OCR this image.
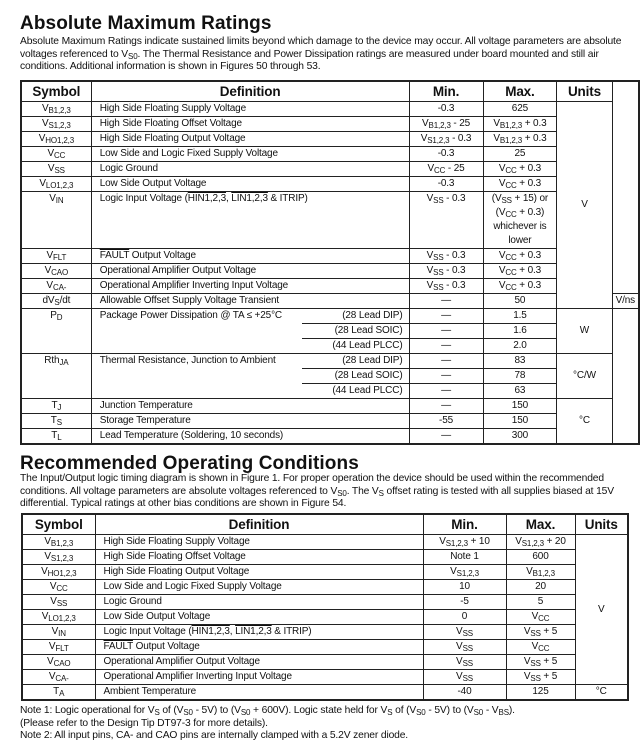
Absolute Maximum Ratings
Absolute Maximum Ratings indicate sustained limits beyond which damage to the device may occur. All voltage parameters are absolute voltages referenced to $V_{S0}$. The Thermal Resistance and Power Dissipation ratings are measured under board mounted and still air conditions. Additional information is shown in Figures 50 through 53.
Symbol	Definition		Min.	Max.	Units	
$V_{B1,2,3}$	High Side Floating Supply Voltage		-0.3	625	V	
$V_{S1,2,3}$	High Side Floating Offset Voltage		$V_{B1,2,3} - 25$	$V_{B1,2,3} + 0.3$		
$V_{HO1,2,3}$	High Side Floating Output Voltage		$V_{S1,2,3} - 0.3$	$V_{B1,2,3} + 0.3$		
$V_{CC}$	Low Side and Logic Fixed Supply Voltage		-0.3	25		
$V_{SS}$	Logic Ground		$V_{CC} - 25$	$V_{CC} + 0.3$		
$V_{LO1,2,3}$	Low Side Output Voltage		-0.3	$V_{CC} + 0.3$		
$V_{IN}$	Logic Input Voltage (HIN1,2,3, LIN1,2,3 & ITRIP)		$V_{SS} - 0.3$	$(V_{SS} + 15)$ or
$(V_{CC} + 0.3)$
whichever is
lower		
$V_{FLT}$	FAULT Output Voltage		$V_{SS} - 0.3$	$V_{CC} + 0.3$		
$V_{CAO}$	Operational Amplifier Output Voltage		$V_{SS} - 0.3$	$V_{CC} + 0.3$		
$V_{CA-}$	Operational Amplifier Inverting Input Voltage		$V_{SS} - 0.3$	$V_{CC} + 0.3$		
$dV_S/dt$	Allowable Offset Supply Voltage Transient		—	50		V/ns
$P_D$	Package Power Dissipation @ TA ≤ +25°C	(28 Lead DIP)	—	1.5	W	
		(28 Lead SOIC)	—	1.6		
		(44 Lead PLCC)	—	2.0		
Rth$_{JA}$	Thermal Resistance, Junction to Ambient	(28 Lead DIP)	—	83	°C/W	
		(28 Lead SOIC)	—	78		
		(44 Lead PLCC)	—	63		
$T_J$	Junction Temperature		—	150	°C	
$T_S$	Storage Temperature		-55	150		
$T_L$	Lead Temperature (Soldering, 10 seconds)		—	300		
Recommended Operating Conditions
The Input/Output logic timing diagram is shown in Figure 1. For proper operation the device should be used within the recommended conditions. All voltage parameters are absolute voltages referenced to $V_{S0}$. The $V_S$ offset rating is tested with all supplies biased at 15V differential. Typical ratings at other bias conditions are shown in Figure 54.
Symbol	Definition	Min.	Max.	Units
$V_{B1,2,3}$	High Side Floating Supply Voltage	$V_{S1,2,3} + 10$	$V_{S1,2,3} + 20$	V
$V_{S1,2,3}$	High Side Floating Offset Voltage	Note 1	600	
$V_{HO1,2,3}$	High Side Floating Output Voltage	$V_{S1,2,3}$	$V_{B1,2,3}$
$V_{CC}$	Low Side and Logic Fixed Supply Voltage	10	20	
$V_{SS}$	Logic Ground	-5	5	
$V_{LO1,2,3}$	Low Side Output Voltage	0	$V_{CC}$
$V_{IN}$	Logic Input Voltage (HIN1,2,3, LIN1,2,3 & ITRIP)	$V_{SS}$	$V_{SS} + 5$	
$V_{FLT}$	FAULT Output Voltage	$V_{SS}$	$V_{CC}$
$V_{CAO}$	Operational Amplifier Output Voltage	$V_{SS}$	$V_{SS} + 5$	
$V_{CA-}$	Operational Amplifier Inverting Input Voltage	$V_{SS}$	$V_{SS} + 5$	
$T_A$	Ambient Temperature	-40	125	°C
Note 1: Logic operational for $V_S$ of $(V_{S0} - 5V)$ to $(V_{S0} + 600V)$. Logic state held for $V_S$ of $(V_{S0} - 5V)$ to $(V_{S0} - V_{BS})$.
(Please refer to the Design Tip DT97-3 for more details).
Note 2: All input pins, CA- and CAO pins are internally clamped with a 5.2V zener diode.
